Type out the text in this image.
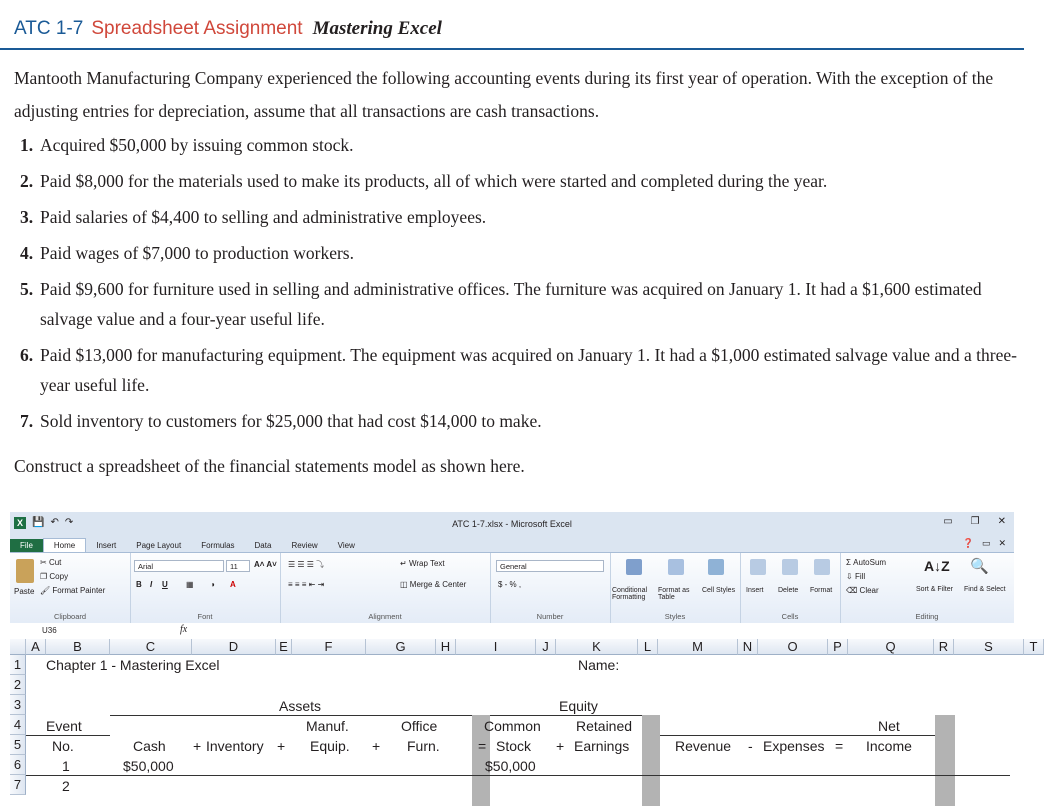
ATC 1-7 Spreadsheet Assignment Mastering Excel
Mantooth Manufacturing Company experienced the following accounting events during its first year of operation. With the exception of the adjusting entries for depreciation, assume that all transactions are cash transactions.
1. Acquired $50,000 by issuing common stock.
2. Paid $8,000 for the materials used to make its products, all of which were started and completed during the year.
3. Paid salaries of $4,400 to selling and administrative employees.
4. Paid wages of $7,000 to production workers.
5. Paid $9,600 for furniture used in selling and administrative offices. The furniture was acquired on January 1. It had a $1,600 estimated salvage value and a four-year useful life.
6. Paid $13,000 for manufacturing equipment. The equipment was acquired on January 1. It had a $1,000 estimated salvage value and a three-year useful life.
7. Sold inventory to customers for $25,000 that had cost $14,000 to make.
Construct a spreadsheet of the financial statements model as shown here.
X 💾 ↶ ↷	ATC 1-7.xlsx - Microsoft Excel	▭ ❐ ✕
File	Home	Insert	Page Layout	Formulas	Data	Review	View	❓ ▭ ✕
Paste
✂ Cut
❐ Copy
🖌 Format Painter
Clipboard
Arial	11	A˄ A˅
B I U ▦ ◑ A
Font
☰ ☰ ☰ ⤵
≡ ≡ ≡ ⇤ ⇥
↵ Wrap Text
◫ Merge & Center
Alignment
General
$ - % ,
Number
Conditional Formatting
Format as Table
Cell Styles
Styles
Insert Delete Format
Cells
Σ AutoSum
⇩ Fill
⌫ Clear
A↓Z 🔍
Sort & Filter	Find & Select
Editing
U36	fx
Chapter 1 - Mastering Excel	Name:
Assets	Equity
Event	Manuf.	Office	Common	Retained	Net
No.	Cash + Inventory + Equip. + Furn.	= Stock + Earnings	Revenue - Expenses = Income
1	$50,000	$50,000
2
A	B	C	D	E	F	G	H	I	J	K	L	M	N	O	P	Q	R	S	T
1
2
3
4
5
6
7
